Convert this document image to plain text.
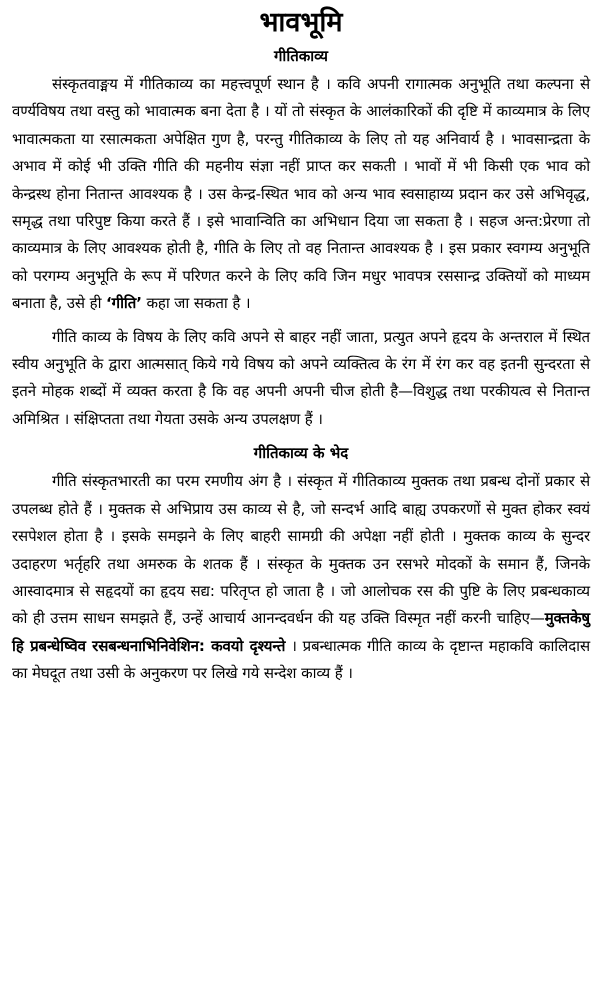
भावभूमि
गीतिकाव्य

संस्कृतवाङ्मय में गीतिकाव्य का महत्त्वपूर्ण स्थान है । कवि अपनी रागात्मक अनुभूति तथा कल्पना से वर्ण्यविषय तथा वस्तु को भावात्मक बना देता है । यों तो संस्कृत के आलंकारिकों की दृष्टि में काव्यमात्र के लिए भावात्मकता या रसात्मकता अपेक्षित गुण है, परन्तु गीतिकाव्य के लिए तो यह अनिवार्य है । भावसान्द्रता के अभाव में कोई भी उक्ति गीति की महनीय संज्ञा नहीं प्राप्त कर सकती । भावों में भी किसी एक भाव को केन्द्रस्थ होना नितान्त आवश्यक है । उस केन्द्र-स्थित भाव को अन्य भाव स्वसाहाय्य प्रदान कर उसे अभिवृद्ध, समृद्ध तथा परिपुष्ट किया करते हैं । इसे भावान्विति का अभिधान दिया जा सकता है । सहज अन्त:प्रेरणा तो काव्यमात्र के लिए आवश्यक होती है, गीति के लिए तो वह नितान्त आवश्यक है । इस प्रकार स्वगम्य अनुभूति को परगम्य अनुभूति के रूप में परिणत करने के लिए कवि जिन मधुर भावपत्र रससान्द्र उक्तियों को माध्यम बनाता है, उसे ही ‘गीति’ कहा जा सकता है ।

गीति काव्य के विषय के लिए कवि अपने से बाहर नहीं जाता, प्रत्युत अपने हृदय के अन्तराल में स्थित स्वीय अनुभूति के द्वारा आत्मसात् किये गये विषय को अपने व्यक्तित्व के रंग में रंग कर वह इतनी सुन्दरता से इतने मोहक शब्दों में व्यक्त करता है कि वह अपनी अपनी चीज होती है—विशुद्ध तथा परकीयत्व से नितान्त अमिश्रित । संक्षिप्तता तथा गेयता उसके अन्य उपलक्षण हैं ।

गीतिकाव्य के भेद

गीति संस्कृतभारती का परम रमणीय अंग है । संस्कृत में गीतिकाव्य मुक्तक तथा प्रबन्ध दोनों प्रकार से उपलब्ध होते हैं । मुक्तक से अभिप्राय उस काव्य से है, जो सन्दर्भ आदि बाह्य उपकरणों से मुक्त होकर स्वयं रसपेशल होता है । इसके समझने के लिए बाहरी सामग्री की अपेक्षा नहीं होती । मुक्तक काव्य के सुन्दर उदाहरण भर्तृहरि तथा अमरुक के शतक हैं । संस्कृत के मुक्तक उन रसभरे मोदकों के समान हैं, जिनके आस्वादमात्र से सहृदयों का हृदय सद्य: परितृप्त हो जाता है । जो आलोचक रस की पुष्टि के लिए प्रबन्धकाव्य को ही उत्तम साधन समझते हैं, उन्हें आचार्य आनन्दवर्धन की यह उक्ति विस्मृत नहीं करनी चाहिए—मुक्तकेषु हि प्रबन्धेष्विव रसबन्धनाभिनिवेशिन: कवयो दृश्यन्ते । प्रबन्धात्मक गीति काव्य के दृष्टान्त महाकवि कालिदास का मेघदूत तथा उसी के अनुकरण पर लिखे गये सन्देश काव्य हैं ।
